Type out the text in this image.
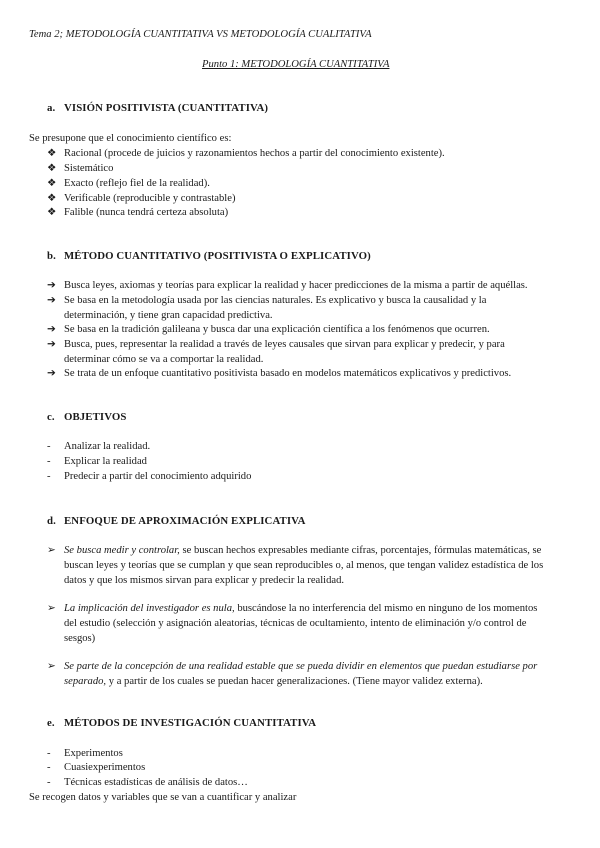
Tema 2; METODOLOGÍA CUANTITATIVA VS METODOLOGÍA CUALITATIVA
Punto 1: METODOLOGÍA CUANTITATIVA
a. VISIÓN POSITIVISTA (CUANTITATIVA)
Se presupone que el conocimiento científico es:
❖ Racional (procede de juicios y razonamientos hechos a partir del conocimiento existente).
❖ Sistemático
❖ Exacto (reflejo fiel de la realidad).
❖ Verificable (reproducible y contrastable)
❖ Falible (nunca tendrá certeza absoluta)
b. MÉTODO CUANTITATIVO (POSITIVISTA O EXPLICATIVO)
➔ Busca leyes, axiomas y teorías para explicar la realidad y hacer predicciones de la misma a partir de aquéllas.
➔ Se basa en la metodología usada por las ciencias naturales. Es explicativo y busca la causalidad y la
determinación, y tiene gran capacidad predictiva.
➔ Se basa en la tradición galileana y busca dar una explicación científica a los fenómenos que ocurren.
➔ Busca, pues, representar la realidad a través de leyes causales que sirvan para explicar y predecir, y para
determinar cómo se va a comportar la realidad.
➔ Se trata de un enfoque cuantitativo positivista basado en modelos matemáticos explicativos y predictivos.
c. OBJETIVOS
-	Analizar la realidad.
-	Explicar la realidad
-	Predecir a partir del conocimiento adquirido
d. ENFOQUE DE APROXIMACIÓN EXPLICATIVA
➢ Se busca medir y controlar, se buscan hechos expresables mediante cifras, porcentajes, fórmulas matemáticas, se
buscan leyes y teorías que se cumplan y que sean reproducibles o, al menos, que tengan validez estadística de los
datos y que los mismos sirvan para explicar y predecir la realidad.
➢ La implicación del investigador es nula, buscándose la no interferencia del mismo en ninguno de los momentos
del estudio (selección y asignación aleatorias, técnicas de ocultamiento, intento de eliminación y/o control de
sesgos)
➢ Se parte de la concepción de una realidad estable que se pueda dividir en elementos que puedan estudiarse por
separado, y a partir de los cuales se puedan hacer generalizaciones. (Tiene mayor validez externa).
e. MÉTODOS DE INVESTIGACIÓN CUANTITATIVA
-	Experimentos
-	Cuasiexperimentos
-	Técnicas estadísticas de análisis de datos…
Se recogen datos y variables que se van a cuantificar y analizar
